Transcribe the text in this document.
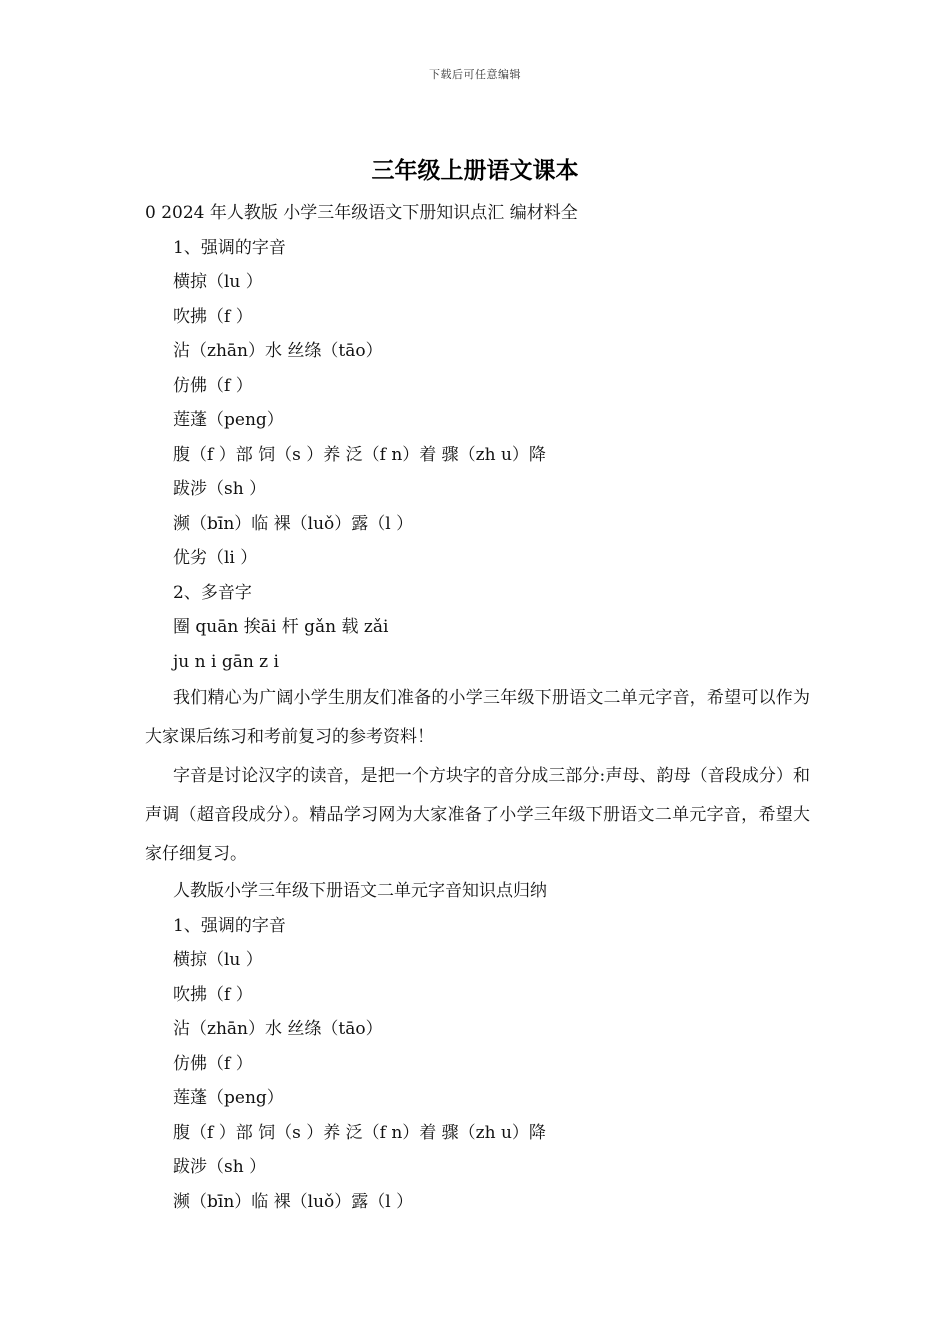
下载后可任意编辑
三年级上册语文课本
0 2024 年人教版 小学三年级语文下册知识点汇 编材料全
1、强调的字音
横掠（lu ）
吹拂（f ）
沾（zhān）水 丝绦（tāo）
仿佛（f ）
莲蓬（peng）
腹（f ）部 饲（s ）养 泛（f n）着 骤（zh u）降
跋涉（sh ）
濒（bīn）临 裸（luǒ）露（l ）
优劣（li ）
2、多音字
圈 quān 挨āi 杆 gǎn 载 zǎi
ju n i gān z i

我们精心为广阔小学生朋友们准备的小学三年级下册语文二单元字音，希望可以作为大家课后练习和考前复习的参考资料！

字音是讨论汉字的读音，是把一个方块字的音分成三部分:声母、韵母（音段成分）和声调（超音段成分）。精品学习网为大家准备了小学三年级下册语文二单元字音，希望大家仔细复习。

人教版小学三年级下册语文二单元字音知识点归纳
1、强调的字音
横掠（lu ）
吹拂（f ）
沾（zhān）水 丝绦（tāo）
仿佛（f ）
莲蓬（peng）
腹（f ）部 饲（s ）养 泛（f n）着 骤（zh u）降
跋涉（sh ）
濒（bīn）临 裸（luǒ）露（l ）
